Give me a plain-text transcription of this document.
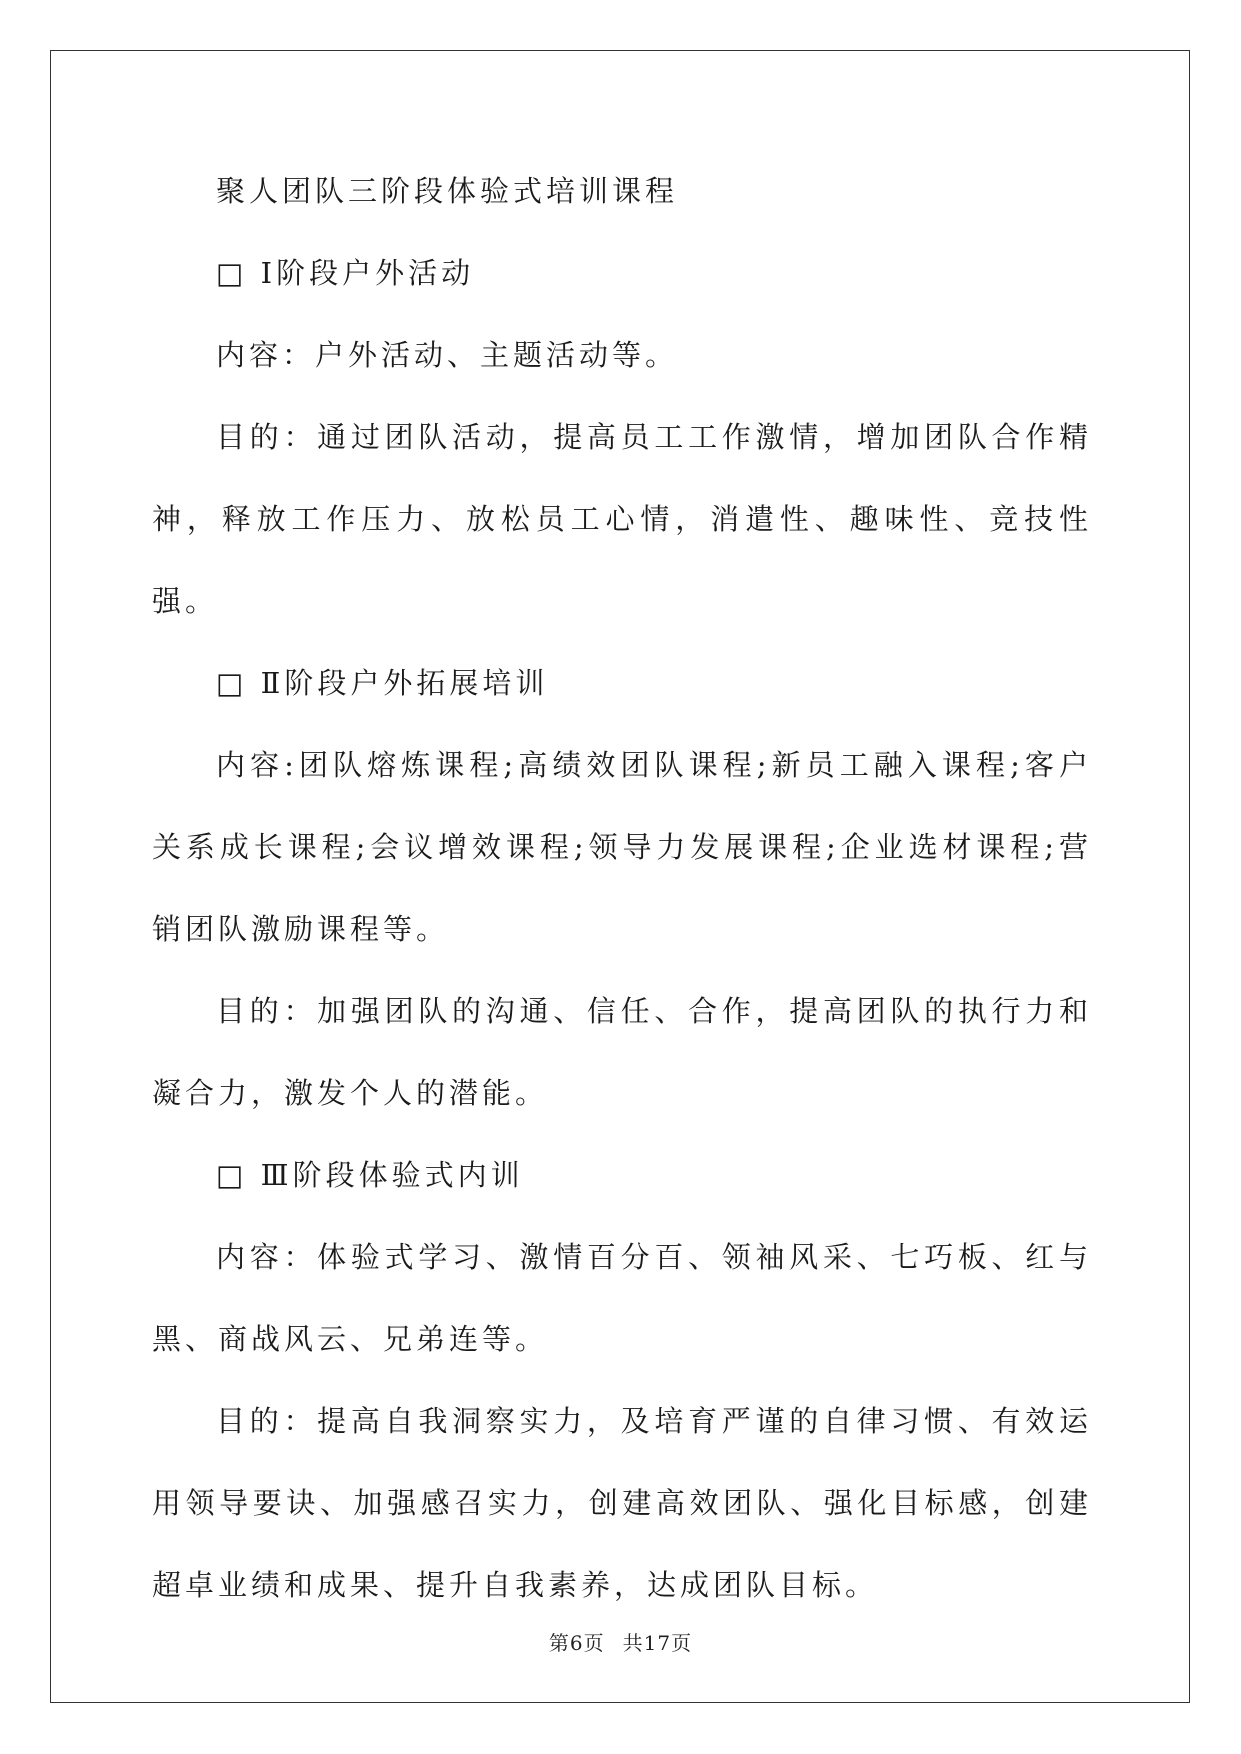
聚人团队三阶段体验式培训课程

□ Ⅰ阶段户外活动

内容：户外活动、主题活动等。

目的：通过团队活动，提高员工工作激情，增加团队合作精神，释放工作压力、放松员工心情，消遣性、趣味性、竞技性强。

□ Ⅱ阶段户外拓展培训

内容:团队熔炼课程;高绩效团队课程;新员工融入课程;客户关系成长课程;会议增效课程;领导力发展课程;企业选材课程;营销团队激励课程等。

目的：加强团队的沟通、信任、合作，提高团队的执行力和凝合力，激发个人的潜能。

□ Ⅲ阶段体验式内训

内容：体验式学习、激情百分百、领袖风采、七巧板、红与黑、商战风云、兄弟连等。

目的：提高自我洞察实力，及培育严谨的自律习惯、有效运用领导要诀、加强感召实力，创建高效团队、强化目标感，创建超卓业绩和成果、提升自我素养，达成团队目标。

第6页 共17页
